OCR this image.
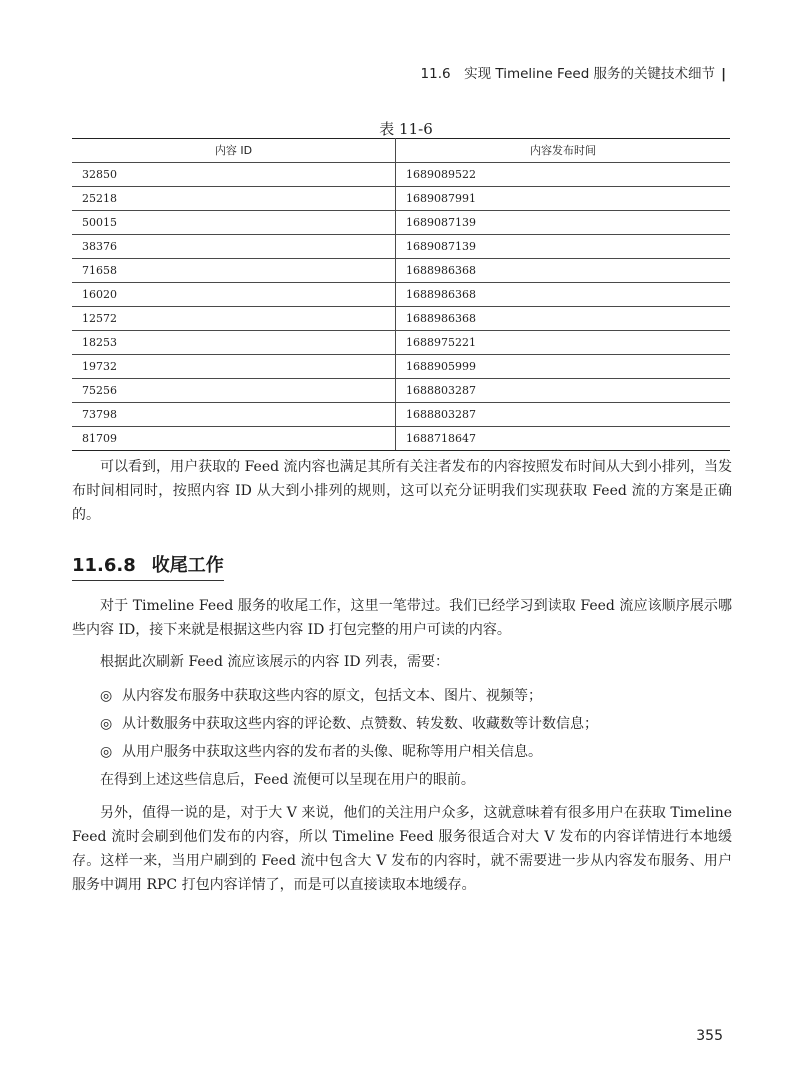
11.6　实现 Timeline Feed 服务的关键技术细节 |
表 11-6
内容 ID	内容发布时间
32850	1689089522
25218	1689087991
50015	1689087139
38376	1689087139
71658	1688986368
16020	1688986368
12572	1688986368
18253	1688975221
19732	1688905999
75256	1688803287
73798	1688803287
81709	1688718647

可以看到，用户获取的 Feed 流内容也满足其所有关注者发布的内容按照发布时间从大到小排列，当发布时间相同时，按照内容 ID 从大到小排列的规则，这可以充分证明我们实现获取 Feed 流的方案是正确的。

11.6.8 收尾工作

对于 Timeline Feed 服务的收尾工作，这里一笔带过。我们已经学习到读取 Feed 流应该顺序展示哪些内容 ID，接下来就是根据这些内容 ID 打包完整的用户可读的内容。

根据此次刷新 Feed 流应该展示的内容 ID 列表，需要：

◎ 从内容发布服务中获取这些内容的原文，包括文本、图片、视频等；
◎ 从计数服务中获取这些内容的评论数、点赞数、转发数、收藏数等计数信息；
◎ 从用户服务中获取这些内容的发布者的头像、昵称等用户相关信息。

在得到上述这些信息后，Feed 流便可以呈现在用户的眼前。

另外，值得一说的是，对于大 V 来说，他们的关注用户众多，这就意味着有很多用户在获取 Timeline Feed 流时会刷到他们发布的内容，所以 Timeline Feed 服务很适合对大 V 发布的内容详情进行本地缓存。这样一来，当用户刷到的 Feed 流中包含大 V 发布的内容时，就不需要进一步从内容发布服务、用户服务中调用 RPC 打包内容详情了，而是可以直接读取本地缓存。

355
